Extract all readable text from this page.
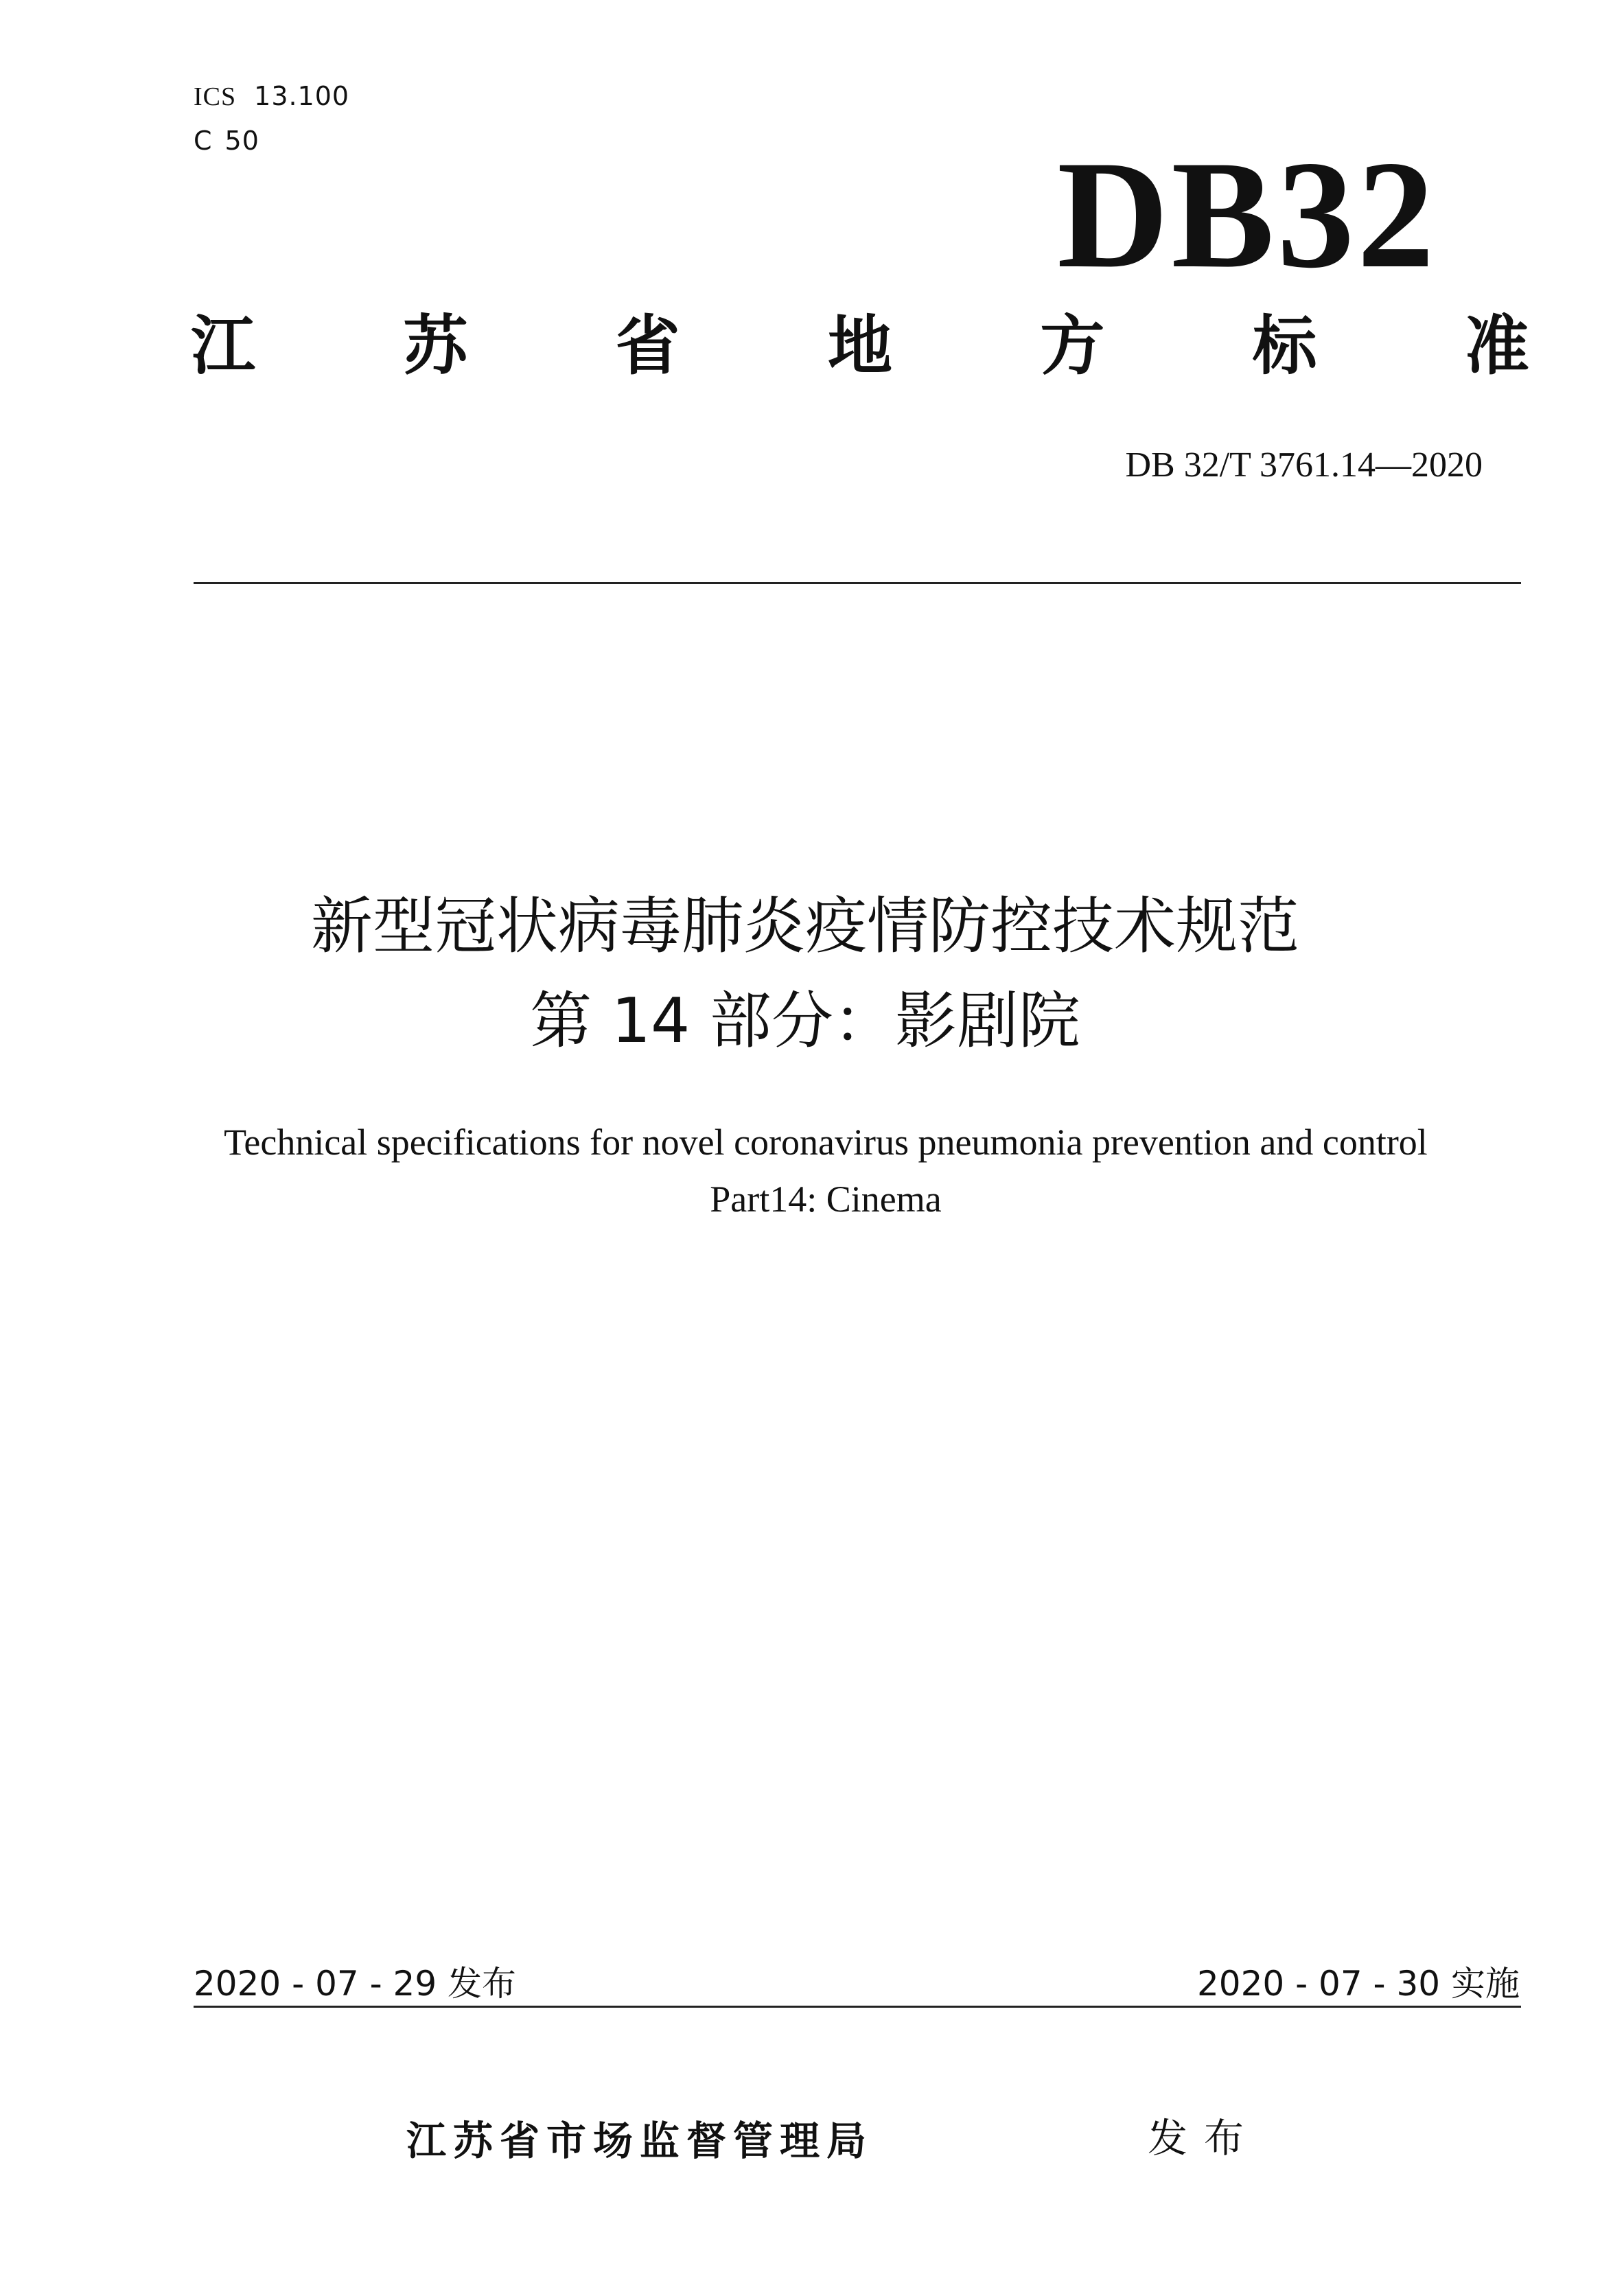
ICS 13.100
C 50	DB32
江 苏 省 地 方 标 准
DB 32/T 3761.14—2020
新型冠状病毒肺炎疫情防控技术规范
第 14 部分：影剧院
Technical specifications for novel coronavirus pneumonia prevention and control
Part14: Cinema
2020 - 07 - 29 发布	2020 - 07 - 30 实施
江苏省市场监督管理局	发布
